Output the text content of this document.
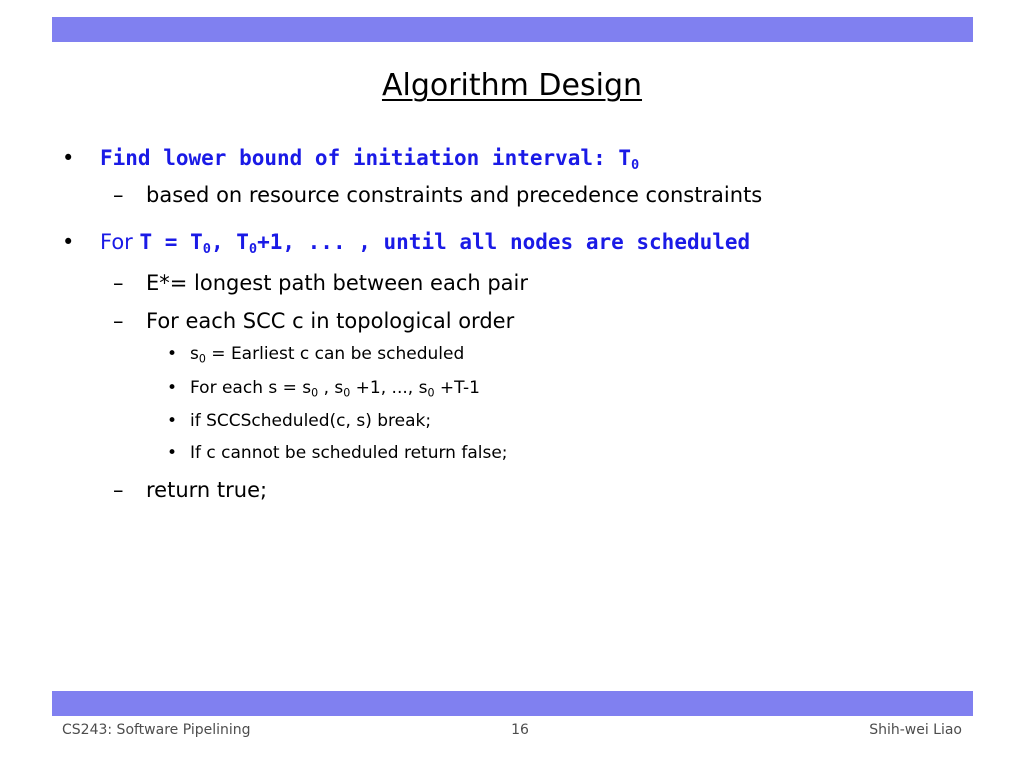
Algorithm Design
• Find lower bound of initiation interval: $T_0$
– based on resource constraints and precedence constraints
• For $T = T_0$, $T_0+1$, ... , until all nodes are scheduled
– E*= longest path between each pair
– For each SCC c in topological order
• $s_0$ = Earliest c can be scheduled
• For each $s = s_0$ , $s_0 +1$, ..., $s_0 +T-1$
• if SCCScheduled(c, s) break;
• If c cannot be scheduled return false;
– return true;
CS243: Software Pipelining	16	Shih-wei Liao
